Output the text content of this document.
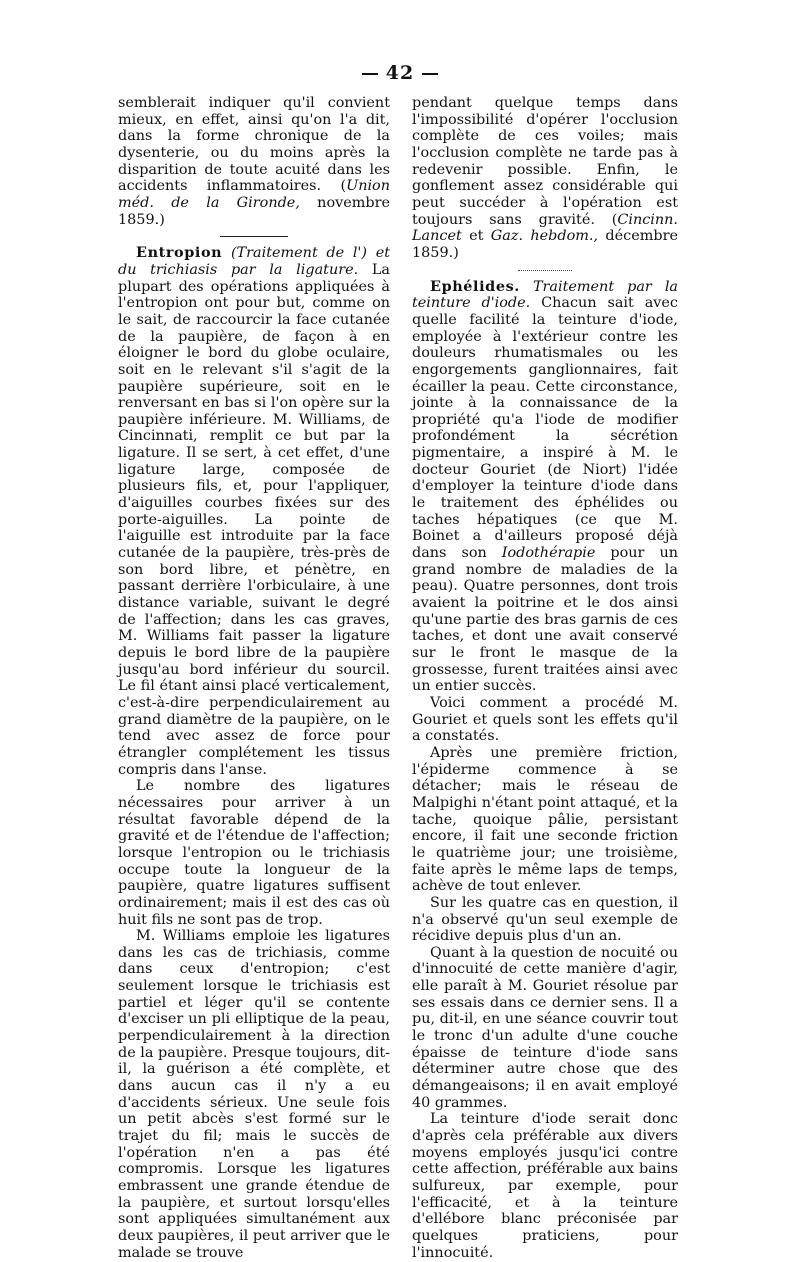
42

semblerait indiquer qu'il convient mieux, en effet, ainsi qu'on l'a dit, dans la forme chronique de la dysenterie, ou du moins après la disparition de toute acuité dans les accidents inflammatoires. (Union méd. de la Gironde, novembre 1859.)

Entropion (Traitement de l') et du trichiasis par la ligature. La plupart des opérations appliquées à l'entropion ont pour but, comme on le sait, de raccourcir la face cutanée de la paupière, de façon à en éloigner le bord du globe oculaire, soit en le relevant s'il s'agit de la paupière supérieure, soit en le renversant en bas si l'on opère sur la paupière inférieure. M. Williams, de Cincinnati, remplit ce but par la ligature. Il se sert, à cet effet, d'une ligature large, composée de plusieurs fils, et, pour l'appliquer, d'aiguilles courbes fixées sur des porte-aiguilles. La pointe de l'aiguille est introduite par la face cutanée de la paupière, très-près de son bord libre, et pénètre, en passant derrière l'orbiculaire, à une distance variable, suivant le degré de l'affection; dans les cas graves, M. Williams fait passer la ligature depuis le bord libre de la paupière jusqu'au bord inférieur du sourcil. Le fil étant ainsi placé verticalement, c'est-à-dire perpendiculairement au grand diamètre de la paupière, on le tend avec assez de force pour étrangler complétement les tissus compris dans l'anse.

Le nombre des ligatures nécessaires pour arriver à un résultat favorable dépend de la gravité et de l'étendue de l'affection; lorsque l'entropion ou le trichiasis occupe toute la longueur de la paupière, quatre ligatures suffisent ordinairement; mais il est des cas où huit fils ne sont pas de trop.

M. Williams emploie les ligatures dans les cas de trichiasis, comme dans ceux d'entropion; c'est seulement lorsque le trichiasis est partiel et léger qu'il se contente d'exciser un pli elliptique de la peau, perpendiculairement à la direction de la paupière. Presque toujours, dit-il, la guérison a été complète, et dans aucun cas il n'y a eu d'accidents sérieux. Une seule fois un petit abcès s'est formé sur le trajet du fil; mais le succès de l'opération n'en a pas été compromis. Lorsque les ligatures embrassent une grande étendue de la paupière, et surtout lorsqu'elles sont appliquées simultanément aux deux paupières, il peut arriver que le malade se trouve

pendant quelque temps dans l'impossibilité d'opérer l'occlusion complète de ces voiles; mais l'occlusion complète ne tarde pas à redevenir possible. Enfin, le gonflement assez considérable qui peut succéder à l'opération est toujours sans gravité. (Cincinn. Lancet et Gaz. hebdom., décembre 1859.)

Ephélides. Traitement par la teinture d'iode. Chacun sait avec quelle facilité la teinture d'iode, employée à l'extérieur contre les douleurs rhumatismales ou les engorgements ganglionnaires, fait écailler la peau. Cette circonstance, jointe à la connaissance de la propriété qu'a l'iode de modifier profondément la sécrétion pigmentaire, a inspiré à M. le docteur Gouriet (de Niort) l'idée d'employer la teinture d'iode dans le traitement des éphélides ou taches hépatiques (ce que M. Boinet a d'ailleurs proposé déjà dans son Iodothérapie pour un grand nombre de maladies de la peau). Quatre personnes, dont trois avaient la poitrine et le dos ainsi qu'une partie des bras garnis de ces taches, et dont une avait conservé sur le front le masque de la grossesse, furent traitées ainsi avec un entier succès.

Voici comment a procédé M. Gouriet et quels sont les effets qu'il a constatés.

Après une première friction, l'épiderme commence à se détacher; mais le réseau de Malpighi n'étant point attaqué, et la tache, quoique pâlie, persistant encore, il fait une seconde friction le quatrième jour; une troisième, faite après le même laps de temps, achève de tout enlever.

Sur les quatre cas en question, il n'a observé qu'un seul exemple de récidive depuis plus d'un an.

Quant à la question de nocuité ou d'innocuité de cette manière d'agir, elle paraît à M. Gouriet résolue par ses essais dans ce dernier sens. Il a pu, dit-il, en une séance couvrir tout le tronc d'un adulte d'une couche épaisse de teinture d'iode sans déterminer autre chose que des démangeaisons; il en avait employé 40 grammes.

La teinture d'iode serait donc d'après cela préférable aux divers moyens employés jusqu'ici contre cette affection, préférable aux bains sulfureux, par exemple, pour l'efficacité, et à la teinture d'ellébore blanc préconisée par quelques praticiens, pour l'innocuité.
